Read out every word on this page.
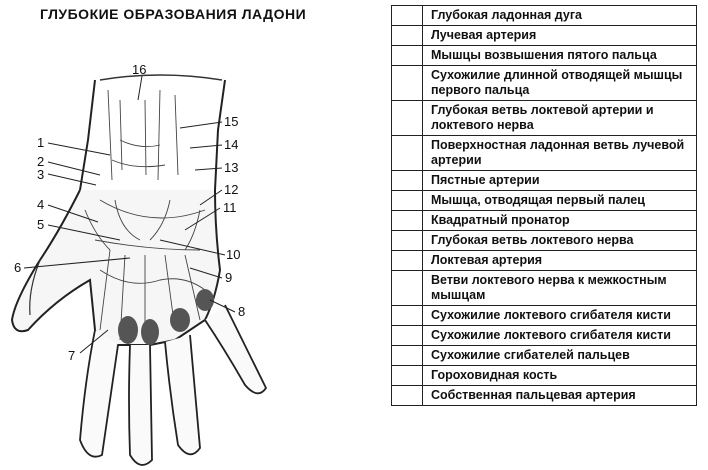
ГЛУБОКИЕ ОБРАЗОВАНИЯ ЛАДОНИ
16
1
2
3
4
5
6
7
8
9
10
11
12
13
14
15
	Глубокая ладонная дуга
	Лучевая артерия
	Мышцы возвышения пятого пальца
	Сухожилие длинной отводящей мышцы первого пальца
	Глубокая ветвь локтевой артерии и локтевого нерва
	Поверхностная ладонная ветвь лучевой артерии
	Пястные артерии
	Мышца, отводящая первый палец
	Квадратный пронатор
	Глубокая ветвь локтевого нерва
	Локтевая артерия
	Ветви локтевого нерва к межкостным мышцам
	Сухожилие локтевого сгибателя кисти
	Сухожилие локтевого сгибателя кисти
	Сухожилие сгибателей пальцев
	Гороховидная кость
	Собственная пальцевая артерия
